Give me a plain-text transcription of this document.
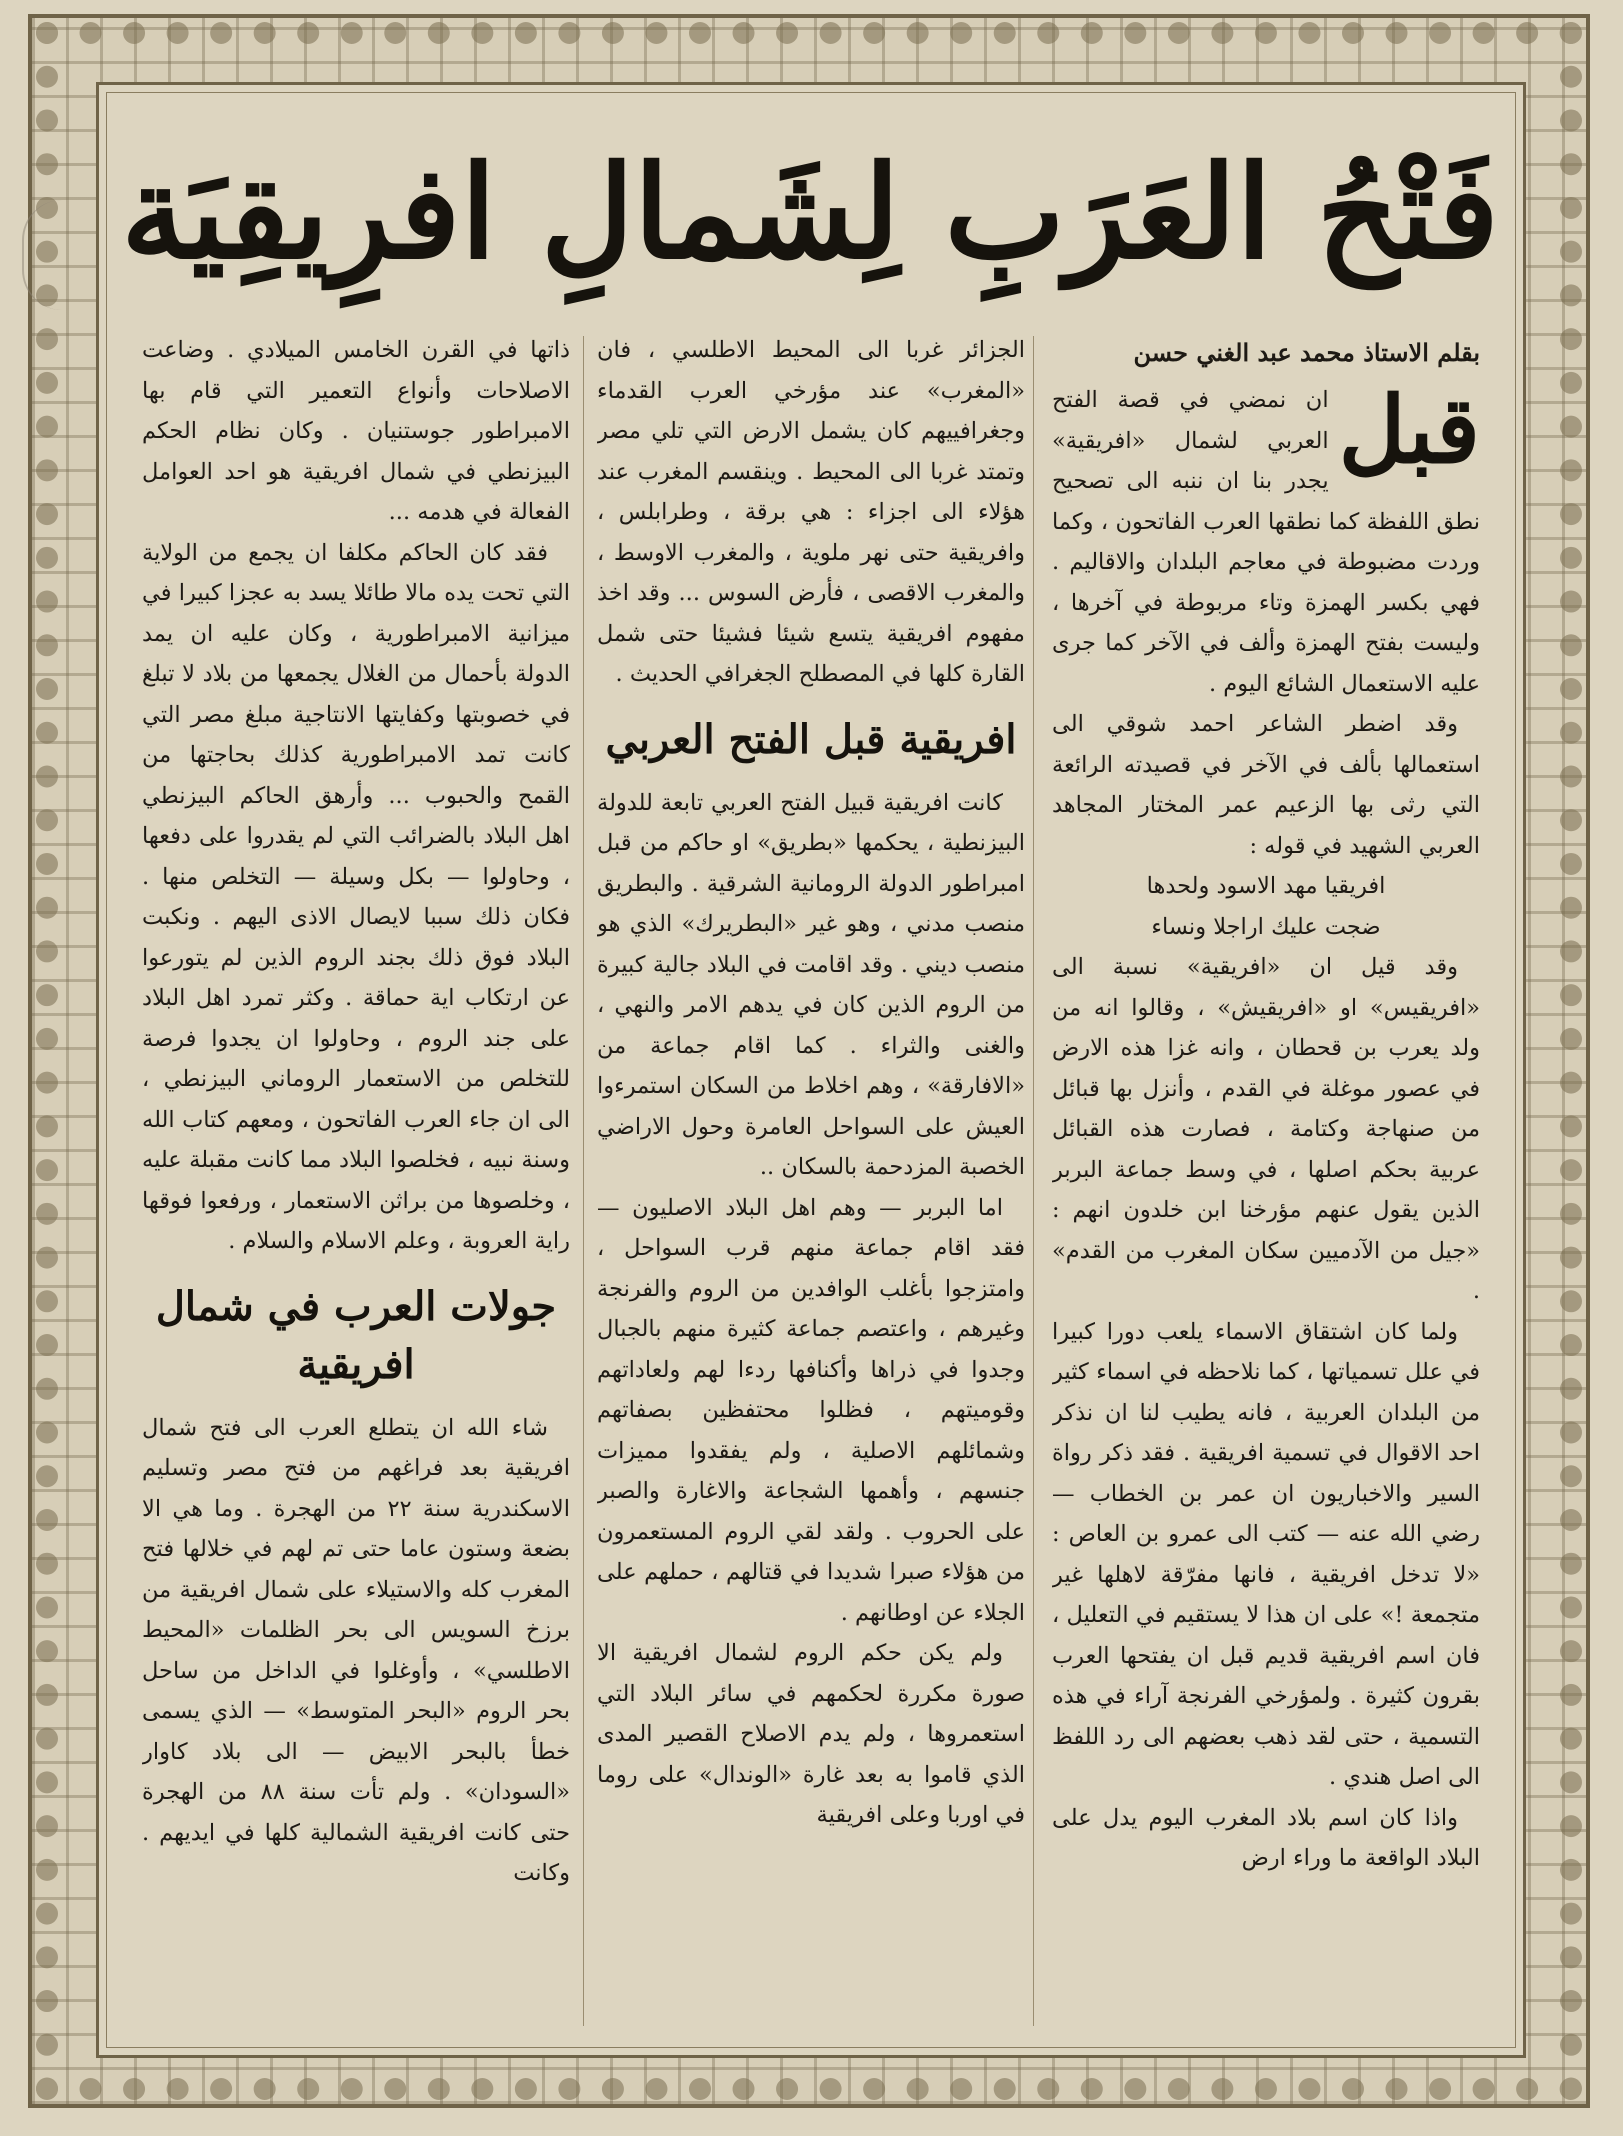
فَتْحُ العَرَبِ لِشَمالِ افرِيقِيَة
بقلم الاستاذ محمد عبد الغني حسن
قبل

ان نمضي في قصة الفتح العربي لشمال «افريقية» يجدر بنا ان ننبه الى تصحيح نطق اللفظة كما نطقها العرب الفاتحون ، وكما وردت مضبوطة في معاجم البلدان والاقاليم . فهي بكسر الهمزة وتاء مربوطة في آخرها ، وليست بفتح الهمزة وألف في الآخر كما جرى عليه الاستعمال الشائع اليوم .

وقد اضطر الشاعر احمد شوقي الى استعمالها بألف في الآخر في قصيدته الرائعة التي رثى بها الزعيم عمر المختار المجاهد العربي الشهيد في قوله :

افريقيا مهد الاسود ولحدها

ضجت عليك اراجلا ونساء

وقد قيل ان «افريقية» نسبة الى «افريقيس» او «افريقيش» ، وقالوا انه من ولد يعرب بن قحطان ، وانه غزا هذه الارض في عصور موغلة في القدم ، وأنزل بها قبائل من صنهاجة وكتامة ، فصارت هذه القبائل عربية بحكم اصلها ، في وسط جماعة البربر الذين يقول عنهم مؤرخنا ابن خلدون انهم : «جيل من الآدميين سكان المغرب من القدم» .

ولما كان اشتقاق الاسماء يلعب دورا كبيرا في علل تسمياتها ، كما نلاحظه في اسماء كثير من البلدان العربية ، فانه يطيب لنا ان نذكر احد الاقوال في تسمية افريقية . فقد ذكر رواة السير والاخباريون ان عمر بن الخطاب — رضي الله عنه — كتب الى عمرو بن العاص : «لا تدخل افريقية ، فانها مفرّقة لاهلها غير متجمعة !» على ان هذا لا يستقيم في التعليل ، فان اسم افريقية قديم قبل ان يفتحها العرب بقرون كثيرة . ولمؤرخي الفرنجة آراء في هذه التسمية ، حتى لقد ذهب بعضهم الى رد اللفظ الى اصل هندي .

واذا كان اسم بلاد المغرب اليوم يدل على البلاد الواقعة ما وراء ارض

الجزائر غربا الى المحيط الاطلسي ، فان «المغرب» عند مؤرخي العرب القدماء وجغرافييهم كان يشمل الارض التي تلي مصر وتمتد غربا الى المحيط . وينقسم المغرب عند هؤلاء الى اجزاء : هي برقة ، وطرابلس ، وافريقية حتى نهر ملوية ، والمغرب الاوسط ، والمغرب الاقصى ، فأرض السوس ... وقد اخذ مفهوم افريقية يتسع شيئا فشيئا حتى شمل القارة كلها في المصطلح الجغرافي الحديث .

افريقية قبل الفتح العربي

كانت افريقية قبيل الفتح العربي تابعة للدولة البيزنطية ، يحكمها «بطريق» او حاكم من قبل امبراطور الدولة الرومانية الشرقية . والبطريق منصب مدني ، وهو غير «البطريرك» الذي هو منصب ديني . وقد اقامت في البلاد جالية كبيرة من الروم الذين كان في يدهم الامر والنهي ، والغنى والثراء . كما اقام جماعة من «الافارقة» ، وهم اخلاط من السكان استمرءوا العيش على السواحل العامرة وحول الاراضي الخصبة المزدحمة بالسكان ..

اما البربر — وهم اهل البلاد الاصليون — فقد اقام جماعة منهم قرب السواحل ، وامتزجوا بأغلب الوافدين من الروم والفرنجة وغيرهم ، واعتصم جماعة كثيرة منهم بالجبال وجدوا في ذراها وأكنافها ردءا لهم ولعاداتهم وقوميتهم ، فظلوا محتفظين بصفاتهم وشمائلهم الاصلية ، ولم يفقدوا مميزات جنسهم ، وأهمها الشجاعة والاغارة والصبر على الحروب . ولقد لقي الروم المستعمرون من هؤلاء صبرا شديدا في قتالهم ، حملهم على الجلاء عن اوطانهم .

ولم يكن حكم الروم لشمال افريقية الا صورة مكررة لحكمهم في سائر البلاد التي استعمروها ، ولم يدم الاصلاح القصير المدى الذي قاموا به بعد غارة «الوندال» على روما في اوربا وعلى افريقية

ذاتها في القرن الخامس الميلادي . وضاعت الاصلاحات وأنواع التعمير التي قام بها الامبراطور جوستنيان . وكان نظام الحكم البيزنطي في شمال افريقية هو احد العوامل الفعالة في هدمه ...

فقد كان الحاكم مكلفا ان يجمع من الولاية التي تحت يده مالا طائلا يسد به عجزا كبيرا في ميزانية الامبراطورية ، وكان عليه ان يمد الدولة بأحمال من الغلال يجمعها من بلاد لا تبلغ في خصوبتها وكفايتها الانتاجية مبلغ مصر التي كانت تمد الامبراطورية كذلك بحاجتها من القمح والحبوب ... وأرهق الحاكم البيزنطي اهل البلاد بالضرائب التي لم يقدروا على دفعها ، وحاولوا — بكل وسيلة — التخلص منها . فكان ذلك سببا لايصال الاذى اليهم . ونكبت البلاد فوق ذلك بجند الروم الذين لم يتورعوا عن ارتكاب اية حماقة . وكثر تمرد اهل البلاد على جند الروم ، وحاولوا ان يجدوا فرصة للتخلص من الاستعمار الروماني البيزنطي ، الى ان جاء العرب الفاتحون ، ومعهم كتاب الله وسنة نبيه ، فخلصوا البلاد مما كانت مقبلة عليه ، وخلصوها من براثن الاستعمار ، ورفعوا فوقها راية العروبة ، وعلم الاسلام والسلام .

جولات العرب في شمال افريقية

شاء الله ان يتطلع العرب الى فتح شمال افريقية بعد فراغهم من فتح مصر وتسليم الاسكندرية سنة ٢٢ من الهجرة . وما هي الا بضعة وستون عاما حتى تم لهم في خلالها فتح المغرب كله والاستيلاء على شمال افريقية من برزخ السويس الى بحر الظلمات «المحيط الاطلسي» ، وأوغلوا في الداخل من ساحل بحر الروم «البحر المتوسط» — الذي يسمى خطأ بالبحر الابيض — الى بلاد كاوار «السودان» . ولم تأت سنة ٨٨ من الهجرة حتى كانت افريقية الشمالية كلها في ايديهم . وكانت
